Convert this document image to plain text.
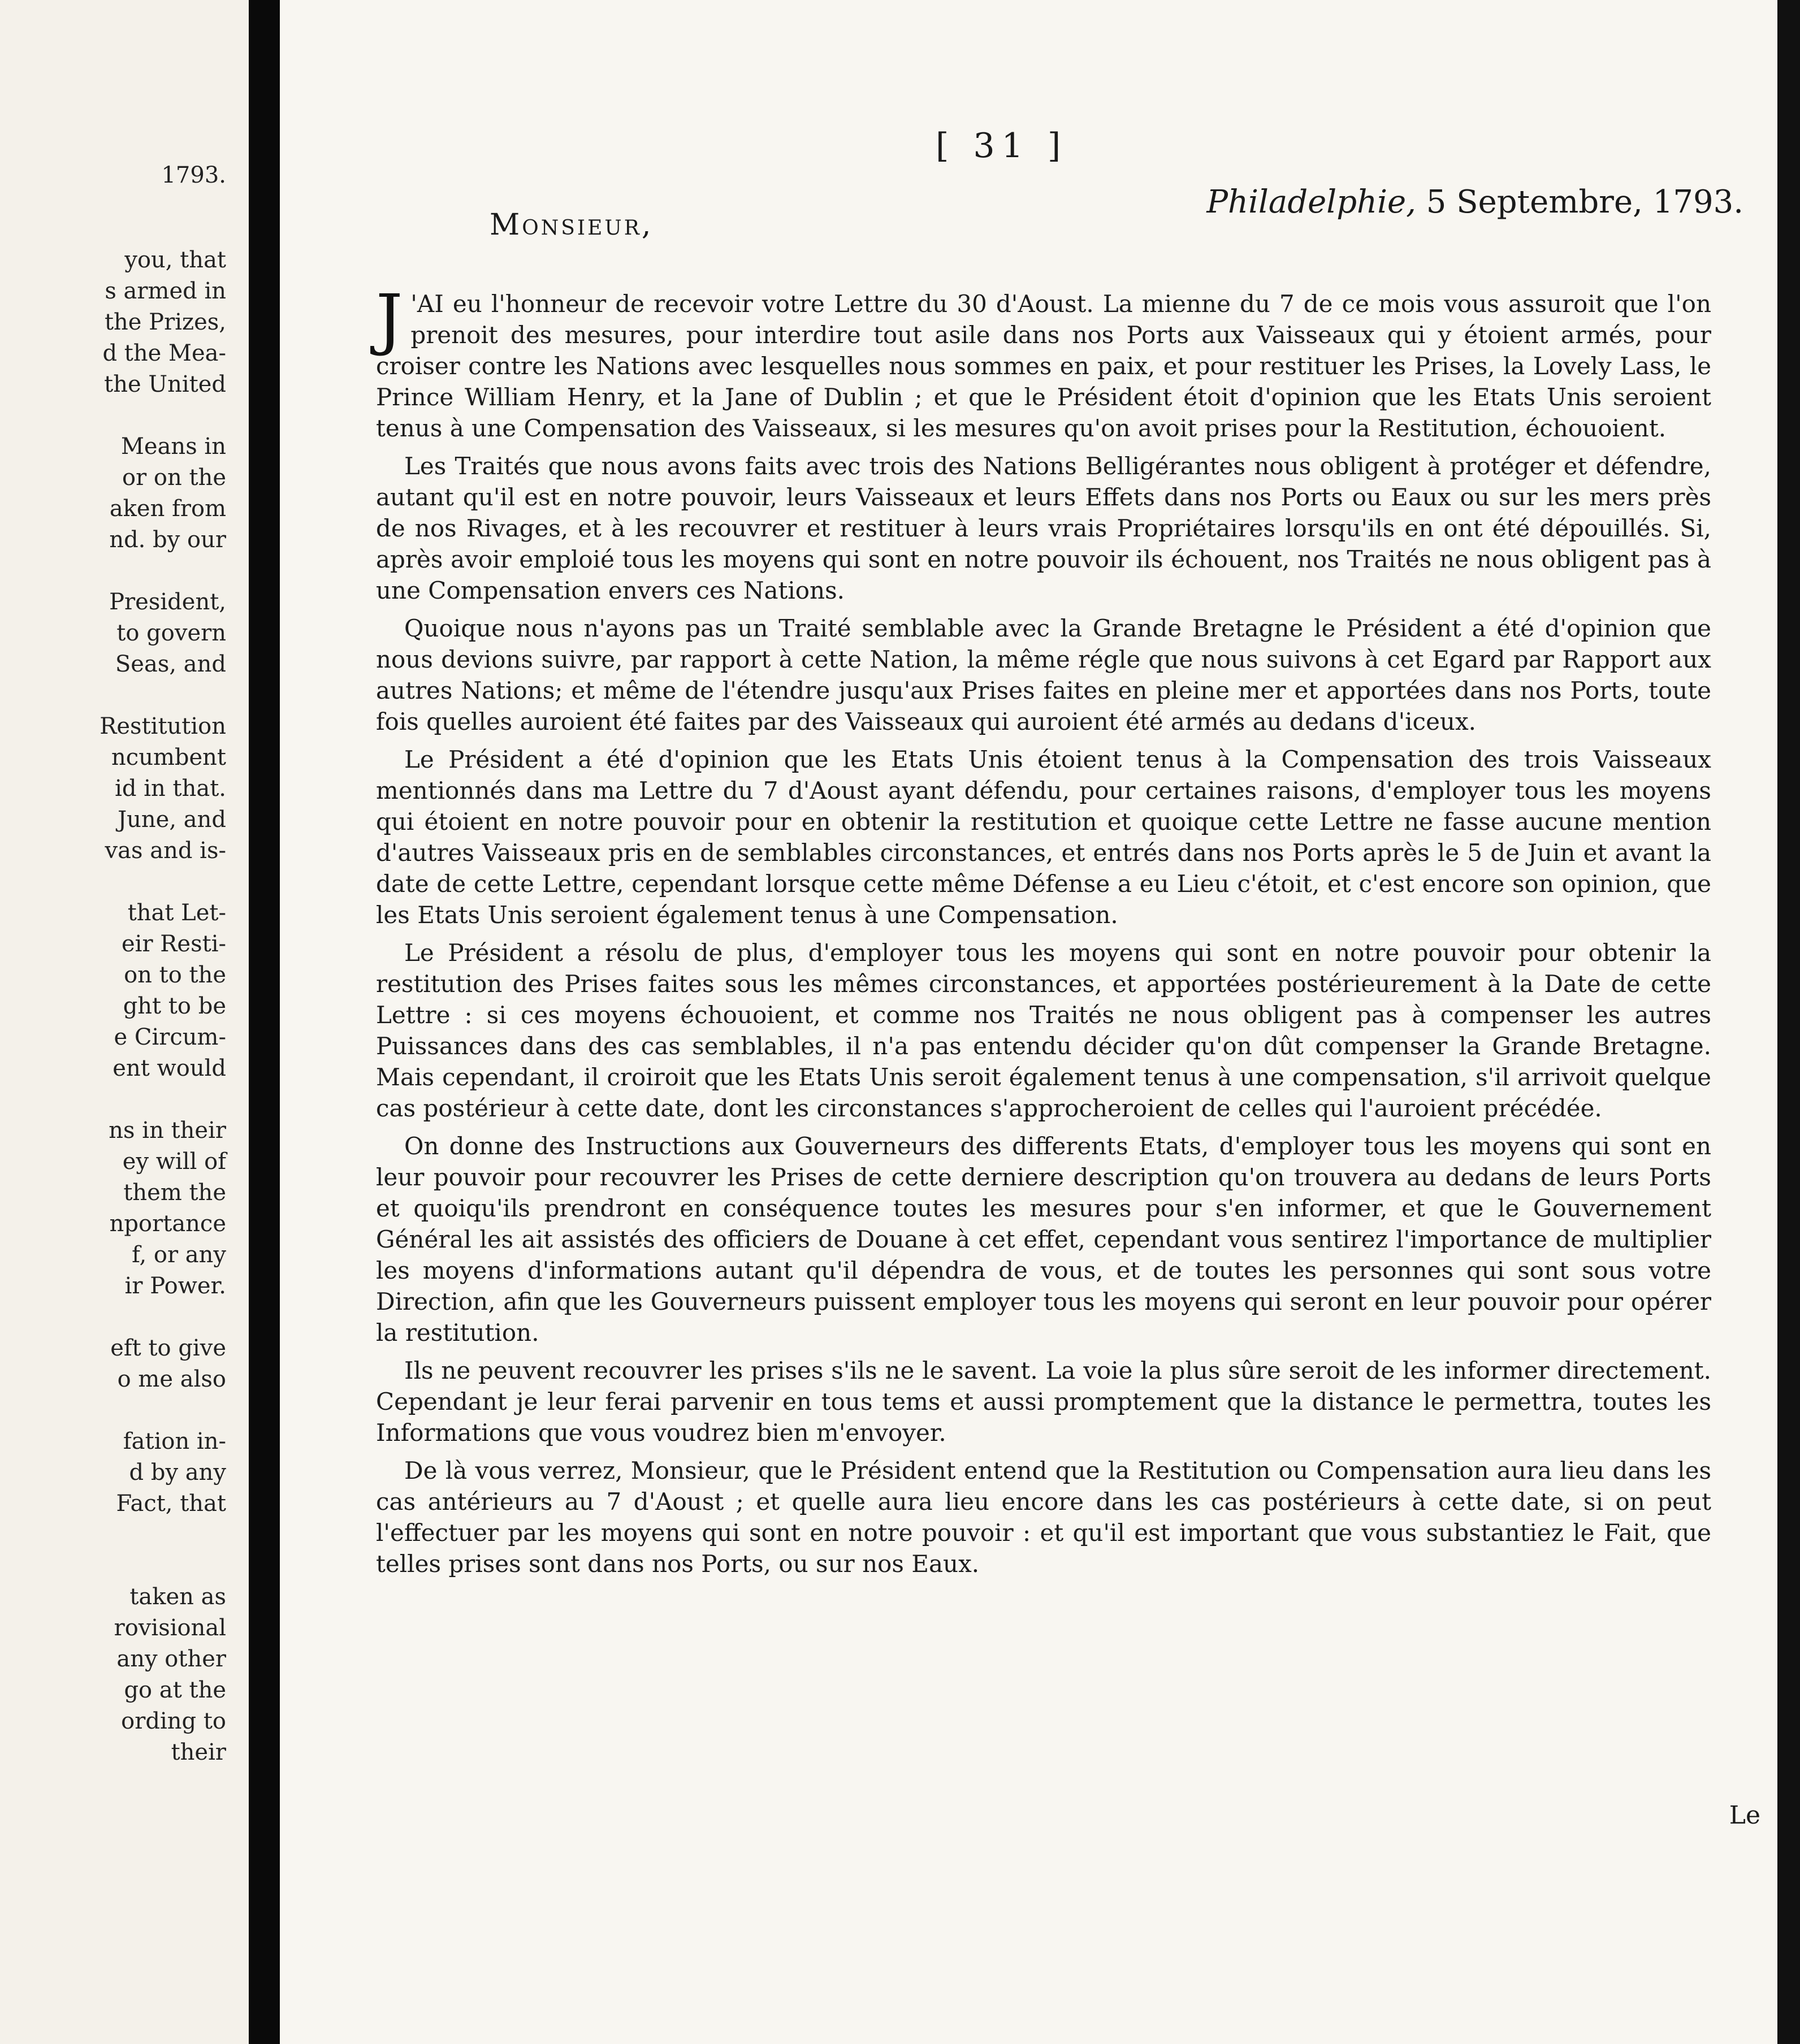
1793.
you, that
s armed in
the Prizes,
d the Mea-
the United
Means in
or on the
aken from
nd. by our
President,
to govern
Seas, and
Restitution
ncumbent
id in that.
June, and
vas and is-
that Let-
eir Resti-
on to the
ght to be
e Circum-
ent would
ns in their
ey will of
them the
nportance
f, or any
ir Power.
eft to give
o me also
fation in-
d by any
Fact, that
taken as
rovisional
any other
go at the
ording to
their
[ 31 ]
Monsieur,
Philadelphie, 5 Septembre, 1793.

J 'AI eu l'honneur de recevoir votre Lettre du 30 d'Aoust. La mienne du 7 de ce mois vous assuroit que l'on prenoit des mesures, pour interdire tout asile dans nos Ports aux Vaisseaux qui y étoient armés, pour croiser contre les Nations avec lesquelles nous sommes en paix, et pour restituer les Prises, la Lovely Lass, le Prince William Henry, et la Jane of Dublin ; et que le Président étoit d'opinion que les Etats Unis seroient tenus à une Compensation des Vaisseaux, si les mesures qu'on avoit prises pour la Restitution, échouoient.

Les Traités que nous avons faits avec trois des Nations Belligérantes nous obligent à protéger et défendre, autant qu'il est en notre pouvoir, leurs Vaisseaux et leurs Effets dans nos Ports ou Eaux ou sur les mers près de nos Rivages, et à les recouvrer et restituer à leurs vrais Propriétaires lorsqu'ils en ont été dépouillés. Si, après avoir emploié tous les moyens qui sont en notre pouvoir ils échouent, nos Traités ne nous obligent pas à une Compensation envers ces Nations.

Quoique nous n'ayons pas un Traité semblable avec la Grande Bretagne le Président a été d'opinion que nous devions suivre, par rapport à cette Nation, la même régle que nous suivons à cet Egard par Rapport aux autres Nations; et même de l'étendre jusqu'aux Prises faites en pleine mer et apportées dans nos Ports, toute fois quelles auroient été faites par des Vaisseaux qui auroient été armés au dedans d'iceux.

Le Président a été d'opinion que les Etats Unis étoient tenus à la Compensation des trois Vaisseaux mentionnés dans ma Lettre du 7 d'Aoust ayant défendu, pour certaines raisons, d'employer tous les moyens qui étoient en notre pouvoir pour en obtenir la restitution et quoique cette Lettre ne fasse aucune mention d'autres Vaisseaux pris en de semblables circonstances, et entrés dans nos Ports après le 5 de Juin et avant la date de cette Lettre, cependant lorsque cette même Défense a eu Lieu c'étoit, et c'est encore son opinion, que les Etats Unis seroient également tenus à une Compensation.

Le Président a résolu de plus, d'employer tous les moyens qui sont en notre pouvoir pour obtenir la restitution des Prises faites sous les mêmes circonstances, et apportées postérieurement à la Date de cette Lettre : si ces moyens échouoient, et comme nos Traités ne nous obligent pas à compenser les autres Puissances dans des cas semblables, il n'a pas entendu décider qu'on dût compenser la Grande Bretagne. Mais cependant, il croiroit que les Etats Unis seroit également tenus à une compensation, s'il arrivoit quelque cas postérieur à cette date, dont les circonstances s'approcheroient de celles qui l'auroient précédée.

On donne des Instructions aux Gouverneurs des differents Etats, d'employer tous les moyens qui sont en leur pouvoir pour recouvrer les Prises de cette derniere description qu'on trouvera au dedans de leurs Ports et quoiqu'ils prendront en conséquence toutes les mesures pour s'en informer, et que le Gouvernement Général les ait assistés des officiers de Douane à cet effet, cependant vous sentirez l'importance de multiplier les moyens d'informations autant qu'il dépendra de vous, et de toutes les personnes qui sont sous votre Direction, afin que les Gouverneurs puissent employer tous les moyens qui seront en leur pouvoir pour opérer la restitution.

Ils ne peuvent recouvrer les prises s'ils ne le savent. La voie la plus sûre seroit de les informer directement. Cependant je leur ferai parvenir en tous tems et aussi promptement que la distance le permettra, toutes les Informations que vous voudrez bien m'envoyer.

De là vous verrez, Monsieur, que le Président entend que la Restitution ou Compensation aura lieu dans les cas antérieurs au 7 d'Aoust ; et quelle aura lieu encore dans les cas postérieurs à cette date, si on peut l'effectuer par les moyens qui sont en notre pouvoir : et qu'il est important que vous substantiez le Fait, que telles prises sont dans nos Ports, ou sur nos Eaux.

Le
